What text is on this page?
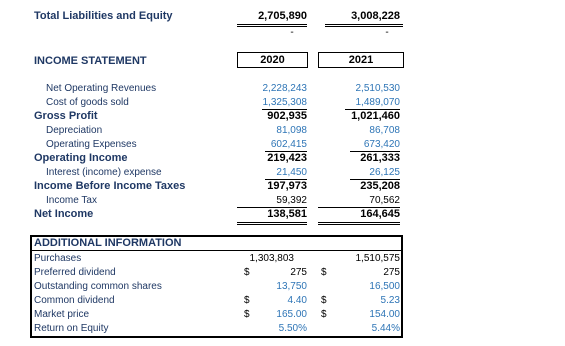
Total Liabilities and Equity	2,705,890	3,008,228
-	-
INCOME STATEMENT	2020	2021
Net Operating Revenues	2,228,243	2,510,530
Cost of goods sold	1,325,308	1,489,070
Gross Profit	902,935	1,021,460
Depreciation	81,098	86,708
Operating Expenses	602,415	673,420
Operating Income	219,423	261,333
Interest (income) expense	21,450	26,125
Income Before Income Taxes	197,973	235,208
Income Tax	59,392	70,562
Net Income	138,581	164,645
ADDITIONAL INFORMATION
Purchases	1,303,803	1,510,575
Preferred dividend	$	275 $	275
Outstanding common shares	13,750	16,500
Common dividend	$	4.40 $	5.23
Market price	$	165.00 $	154.00
Return on Equity	5.50%	5.44%
